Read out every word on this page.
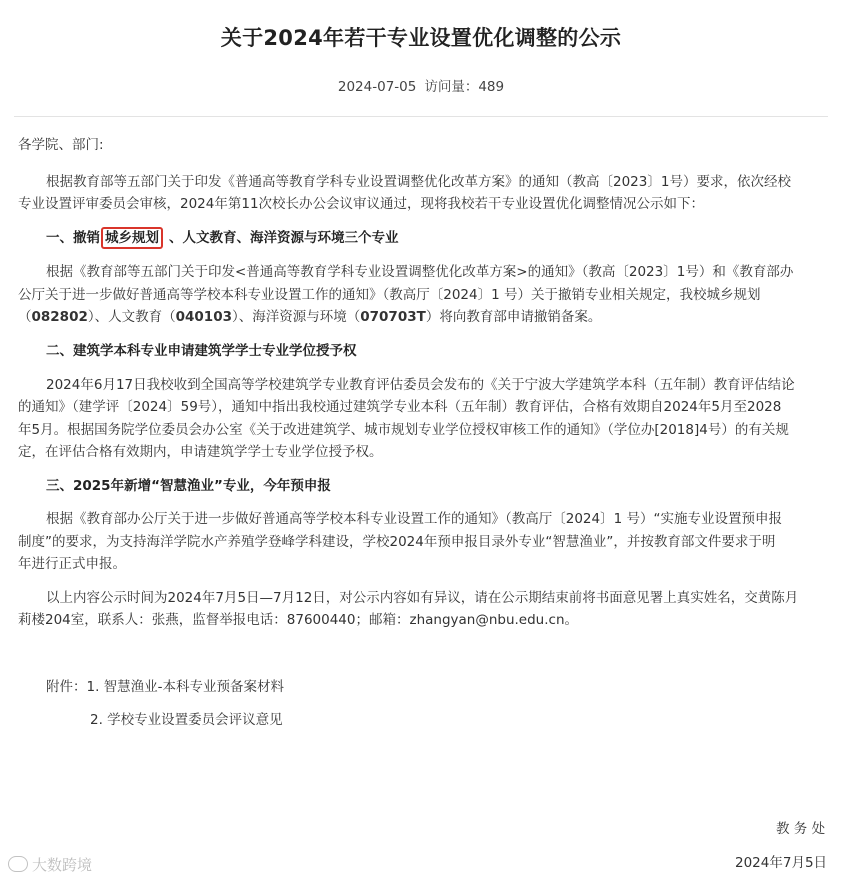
关于2024年若干专业设置优化调整的公示
2024-07-05 访问量：489

各学院、部门:

根据教育部等五部门关于印发《普通高等教育学科专业设置调整优化改革方案》的通知（教高〔2023〕1号）要求，依次经校

专业设置评审委员会审核，2024年第11次校长办公会议审议通过，现将我校若干专业设置优化调整情况公示如下：

一、撤销 城乡规划 、人文教育、海洋资源与环境三个专业

根据《教育部等五部门关于印发<普通高等教育学科专业设置调整优化改革方案>的通知》（教高〔2023〕1号）和《教育部办

公厅关于进一步做好普通高等学校本科专业设置工作的通知》（教高厅〔2024〕1 号）关于撤销专业相关规定，我校城乡规划

（082802）、人文教育（040103）、海洋资源与环境（070703T）将向教育部申请撤销备案。

二、建筑学本科专业申请建筑学学士专业学位授予权

2024年6月17日我校收到全国高等学校建筑学专业教育评估委员会发布的《关于宁波大学建筑学本科（五年制）教育评估结论

的通知》（建学评〔2024〕59号），通知中指出我校通过建筑学专业本科（五年制）教育评估，合格有效期自2024年5月至2028

年5月。根据国务院学位委员会办公室《关于改进建筑学、城市规划专业学位授权审核工作的通知》（学位办[2018]4号）的有关规

定，在评估合格有效期内，申请建筑学学士专业学位授予权。

三、2025年新增“智慧渔业”专业，今年预申报

根据《教育部办公厅关于进一步做好普通高等学校本科专业设置工作的通知》（教高厅〔2024〕1 号）“实施专业设置预申报

制度”的要求，为支持海洋学院水产养殖学登峰学科建设，学校2024年预申报目录外专业“智慧渔业”，并按教育部文件要求于明

年进行正式申报。

以上内容公示时间为2024年7月5日—7月12日，对公示内容如有异议，请在公示期结束前将书面意见署上真实姓名，交黄陈月

莉楼204室，联系人：张燕，监督举报电话：87600440；邮箱：zhangyan@nbu.edu.cn。

附件：1. 智慧渔业-本科专业预备案材料

2. 学校专业设置委员会评议意见

教 务 处
2024年7月5日
大数跨境
